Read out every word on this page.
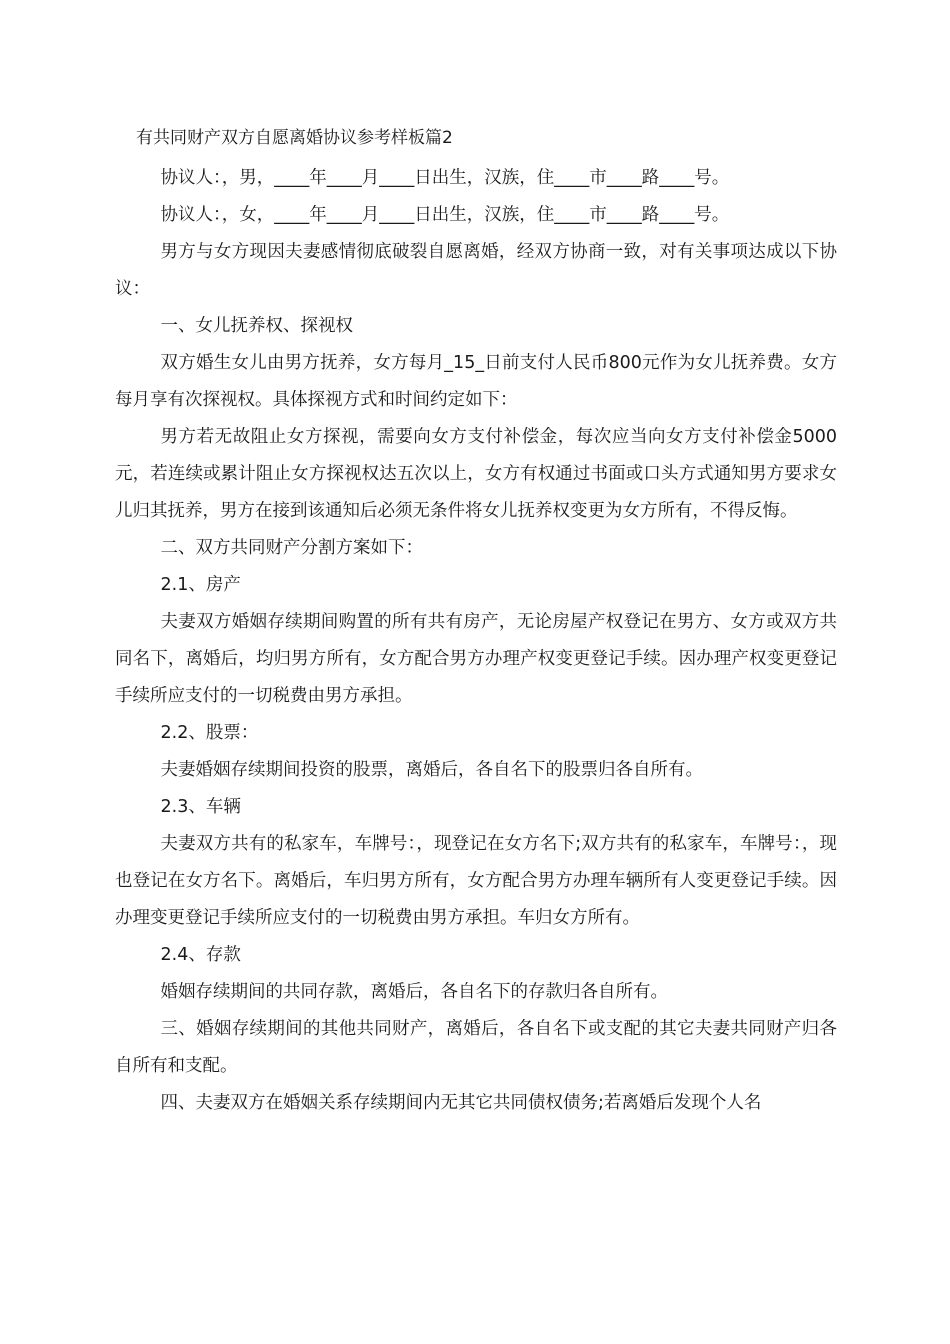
有共同财产双方自愿离婚协议参考样板篇2

协议人：，男，____年____月____日出生，汉族，住____市____路____号。

协议人：，女，____年____月____日出生，汉族，住____市____路____号。

男方与女方现因夫妻感情彻底破裂自愿离婚，经双方协商一致，对有关事项达成以下协议：

一、女儿抚养权、探视权

双方婚生女儿由男方抚养，女方每月_15_日前支付人民币800元作为女儿抚养费。女方每月享有次探视权。具体探视方式和时间约定如下：

男方若无故阻止女方探视，需要向女方支付补偿金，每次应当向女方支付补偿金5000元，若连续或累计阻止女方探视权达五次以上，女方有权通过书面或口头方式通知男方要求女儿归其抚养，男方在接到该通知后必须无条件将女儿抚养权变更为女方所有，不得反悔。

二、双方共同财产分割方案如下：

2.1、房产

夫妻双方婚姻存续期间购置的所有共有房产，无论房屋产权登记在男方、女方或双方共同名下，离婚后，均归男方所有，女方配合男方办理产权变更登记手续。因办理产权变更登记手续所应支付的一切税费由男方承担。

2.2、股票：

夫妻婚姻存续期间投资的股票，离婚后，各自名下的股票归各自所有。

2.3、车辆

夫妻双方共有的私家车，车牌号：，现登记在女方名下;双方共有的私家车，车牌号：，现也登记在女方名下。离婚后，车归男方所有，女方配合男方办理车辆所有人变更登记手续。因办理变更登记手续所应支付的一切税费由男方承担。车归女方所有。

2.4、存款

婚姻存续期间的共同存款，离婚后，各自名下的存款归各自所有。

三、婚姻存续期间的其他共同财产，离婚后，各自名下或支配的其它夫妻共同财产归各自所有和支配。

四、夫妻双方在婚姻关系存续期间内无其它共同债权债务;若离婚后发现个人名
